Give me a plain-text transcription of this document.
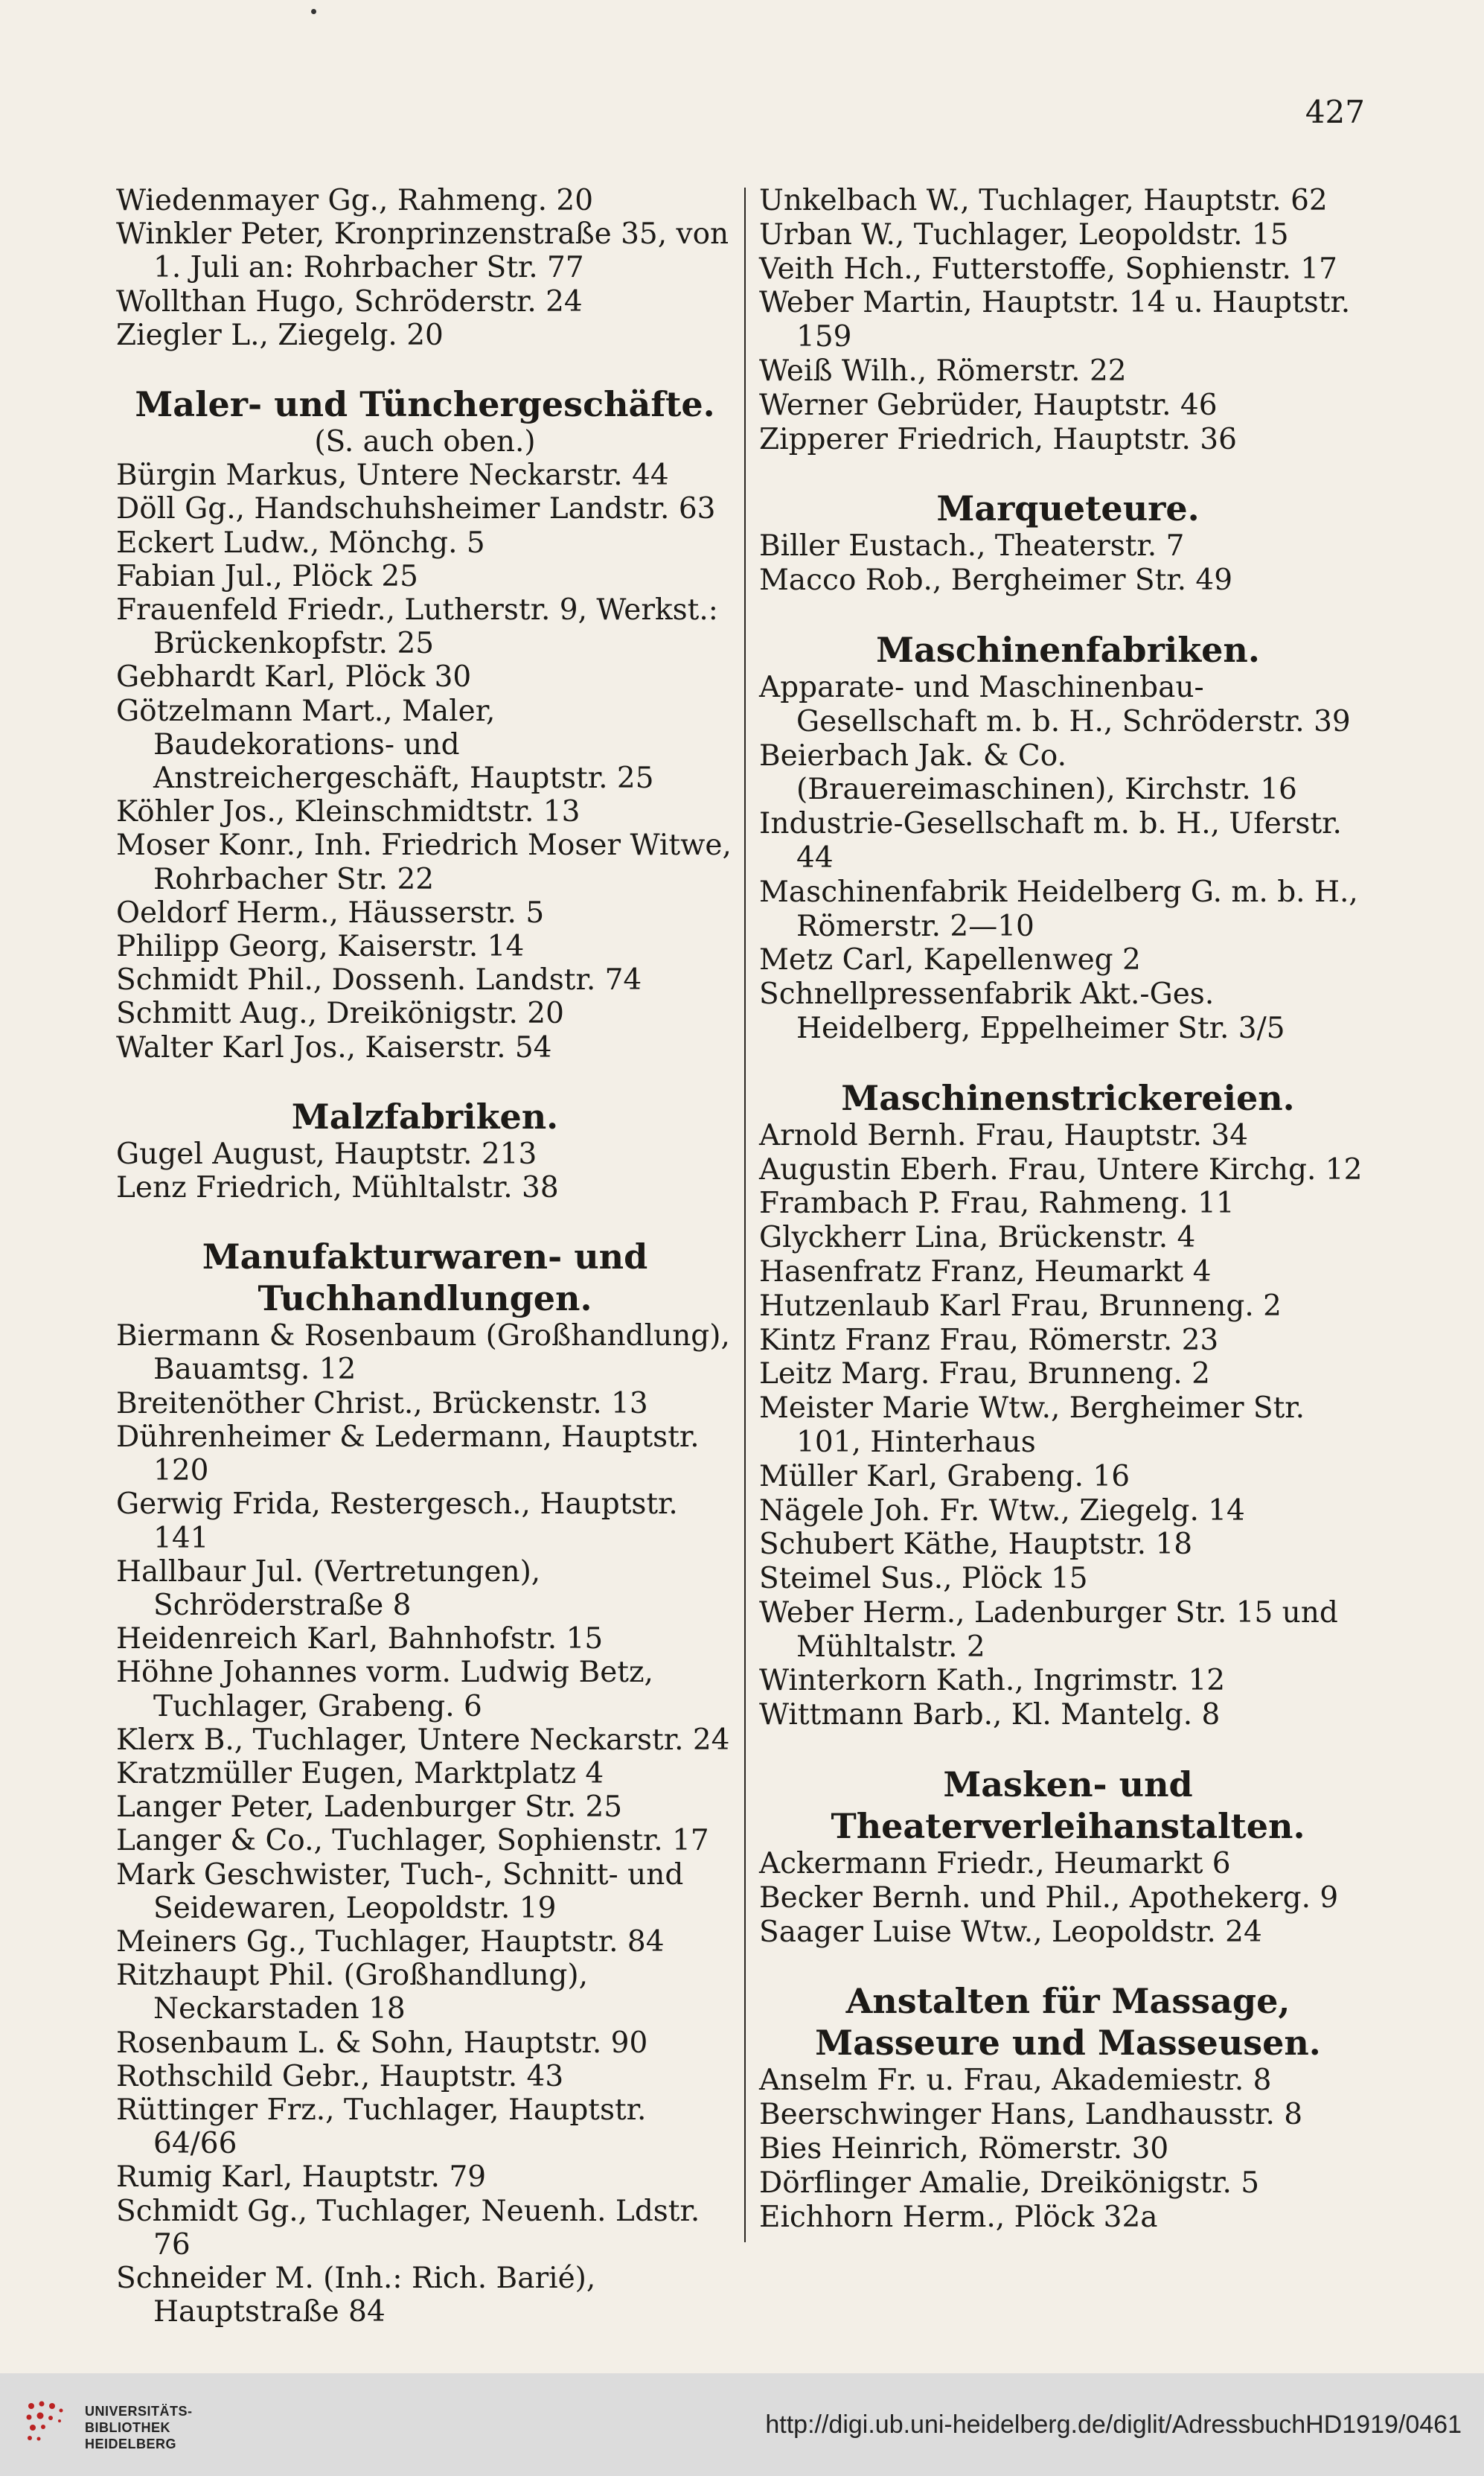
427
Wiedenmayer Gg., Rahmeng. 20
Winkler Peter, Kronprinzenstraße 35, von 1. Juli an: Rohrbacher Str. 77
Wollthan Hugo, Schröderstr. 24
Ziegler L., Ziegelg. 20
Maler- und Tünchergeschäfte.
(S. auch oben.)
Bürgin Markus, Untere Neckarstr. 44
Döll Gg., Handschuhsheimer Landstr. 63
Eckert Ludw., Mönchg. 5
Fabian Jul., Plöck 25
Frauenfeld Friedr., Lutherstr. 9, Werkst.: Brückenkopfstr. 25
Gebhardt Karl, Plöck 30
Götzelmann Mart., Maler, Baudekorations- und Anstreichergeschäft, Hauptstr. 25
Köhler Jos., Kleinschmidtstr. 13
Moser Konr., Inh. Friedrich Moser Witwe, Rohrbacher Str. 22
Oeldorf Herm., Häusserstr. 5
Philipp Georg, Kaiserstr. 14
Schmidt Phil., Dossenh. Landstr. 74
Schmitt Aug., Dreikönigstr. 20
Walter Karl Jos., Kaiserstr. 54
Malzfabriken.
Gugel August, Hauptstr. 213
Lenz Friedrich, Mühltalstr. 38
Manufakturwaren- und Tuchhandlungen.
Biermann & Rosenbaum (Großhandlung), Bauamtsg. 12
Breitenöther Christ., Brückenstr. 13
Dührenheimer & Ledermann, Hauptstr. 120
Gerwig Frida, Restergesch., Hauptstr. 141
Hallbaur Jul. (Vertretungen), Schröderstraße 8
Heidenreich Karl, Bahnhofstr. 15
Höhne Johannes vorm. Ludwig Betz, Tuchlager, Grabeng. 6
Klerx B., Tuchlager, Untere Neckarstr. 24
Kratzmüller Eugen, Marktplatz 4
Langer Peter, Ladenburger Str. 25
Langer & Co., Tuchlager, Sophienstr. 17
Mark Geschwister, Tuch-, Schnitt- und Seidewaren, Leopoldstr. 19
Meiners Gg., Tuchlager, Hauptstr. 84
Ritzhaupt Phil. (Großhandlung), Neckarstaden 18
Rosenbaum L. & Sohn, Hauptstr. 90
Rothschild Gebr., Hauptstr. 43
Rüttinger Frz., Tuchlager, Hauptstr. 64/66
Rumig Karl, Hauptstr. 79
Schmidt Gg., Tuchlager, Neuenh. Ldstr. 76
Schneider M. (Inh.: Rich. Barié), Hauptstraße 84
Unkelbach W., Tuchlager, Hauptstr. 62
Urban W., Tuchlager, Leopoldstr. 15
Veith Hch., Futterstoffe, Sophienstr. 17
Weber Martin, Hauptstr. 14 u. Hauptstr. 159
Weiß Wilh., Römerstr. 22
Werner Gebrüder, Hauptstr. 46
Zipperer Friedrich, Hauptstr. 36
Marqueteure.
Biller Eustach., Theaterstr. 7
Macco Rob., Bergheimer Str. 49
Maschinenfabriken.
Apparate- und Maschinenbau-Gesellschaft m. b. H., Schröderstr. 39
Beierbach Jak. & Co. (Brauereimaschinen), Kirchstr. 16
Industrie-Gesellschaft m. b. H., Uferstr. 44
Maschinenfabrik Heidelberg G. m. b. H., Römerstr. 2—10
Metz Carl, Kapellenweg 2
Schnellpressenfabrik Akt.-Ges. Heidelberg, Eppelheimer Str. 3/5
Maschinenstrickereien.
Arnold Bernh. Frau, Hauptstr. 34
Augustin Eberh. Frau, Untere Kirchg. 12
Frambach P. Frau, Rahmeng. 11
Glyckherr Lina, Brückenstr. 4
Hasenfratz Franz, Heumarkt 4
Hutzenlaub Karl Frau, Brunneng. 2
Kintz Franz Frau, Römerstr. 23
Leitz Marg. Frau, Brunneng. 2
Meister Marie Wtw., Bergheimer Str. 101, Hinterhaus
Müller Karl, Grabeng. 16
Nägele Joh. Fr. Wtw., Ziegelg. 14
Schubert Käthe, Hauptstr. 18
Steimel Sus., Plöck 15
Weber Herm., Ladenburger Str. 15 und Mühltalstr. 2
Winterkorn Kath., Ingrimstr. 12
Wittmann Barb., Kl. Mantelg. 8
Masken- und Theaterverleihanstalten.
Ackermann Friedr., Heumarkt 6
Becker Bernh. und Phil., Apothekerg. 9
Saager Luise Wtw., Leopoldstr. 24
Anstalten für Massage, Masseure und Masseusen.
Anselm Fr. u. Frau, Akademiestr. 8
Beerschwinger Hans, Landhausstr. 8
Bies Heinrich, Römerstr. 30
Dörflinger Amalie, Dreikönigstr. 5
Eichhorn Herm., Plöck 32a
UNIVERSITÄTS-
BIBLIOTHEK
HEIDELBERG
http://digi.ub.uni-heidelberg.de/diglit/AdressbuchHD1919/0461
